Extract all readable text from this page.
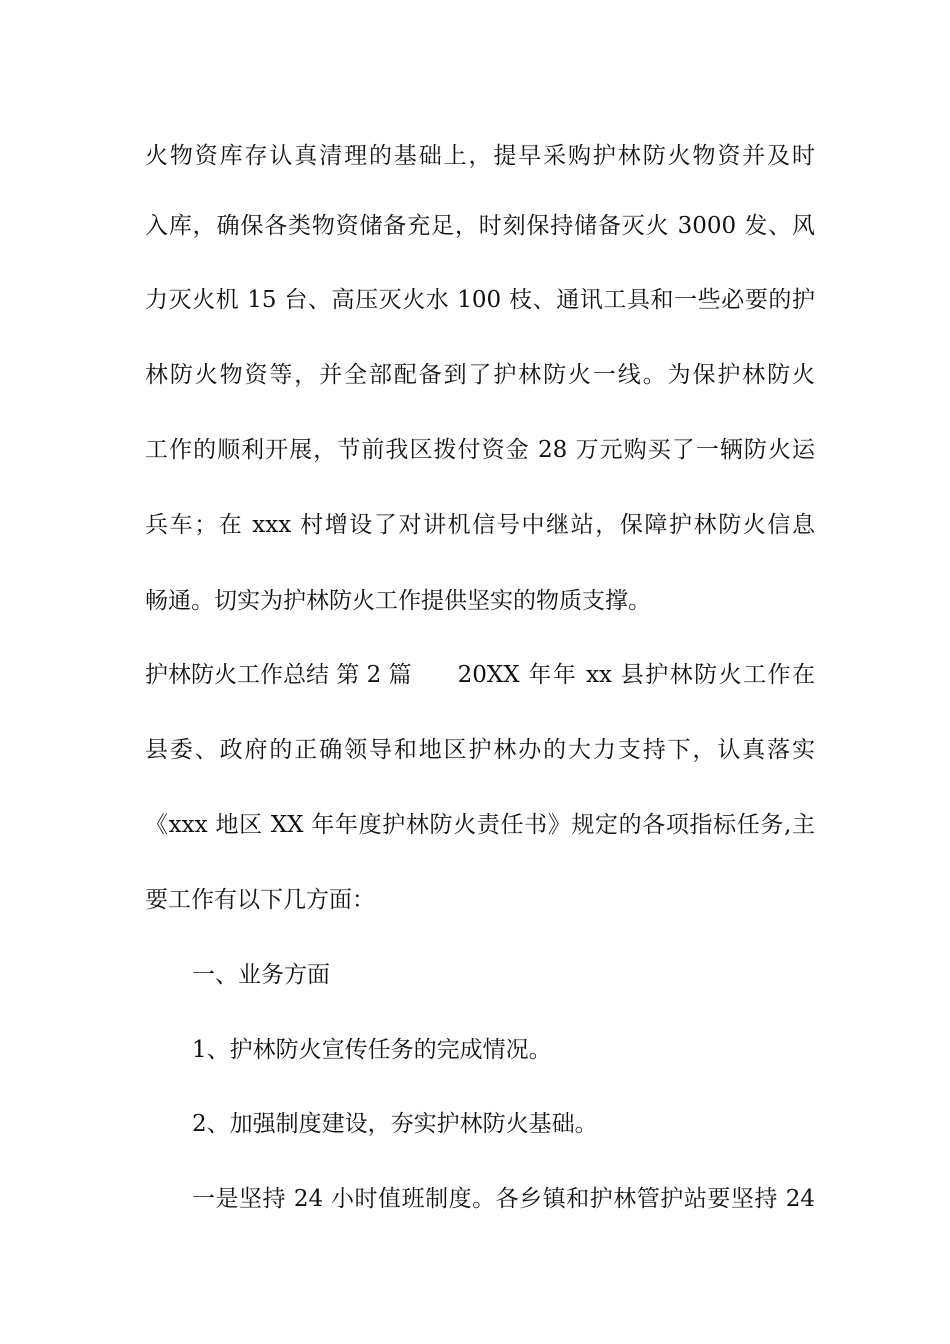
火物资库存认真清理的基础上，提早采购护林防火物资并及时
入库，确保各类物资储备充足，时刻保持储备灭火 3000 发、风
力灭火机 15 台、高压灭火水 100 枝、通讯工具和一些必要的护
林防火物资等，并全部配备到了护林防火一线。为保护林防火
工作的顺利开展，节前我区拨付资金 28 万元购买了一辆防火运
兵车；在 xxx 村增设了对讲机信号中继站，保障护林防火信息
畅通。切实为护林防火工作提供坚实的物质支撑。
护林防火工作总结 第 2 篇 20XX 年年 xx 县护林防火工作在
县委、政府的正确领导和地区护林办的大力支持下，认真落实
《xxx 地区 XX 年年度护林防火责任书》规定的各项指标任务,主
要工作有以下几方面：
一、业务方面
1、护林防火宣传任务的完成情况。
2、加强制度建设，夯实护林防火基础。
一是坚持 24 小时值班制度。各乡镇和护林管护站要坚持 24
